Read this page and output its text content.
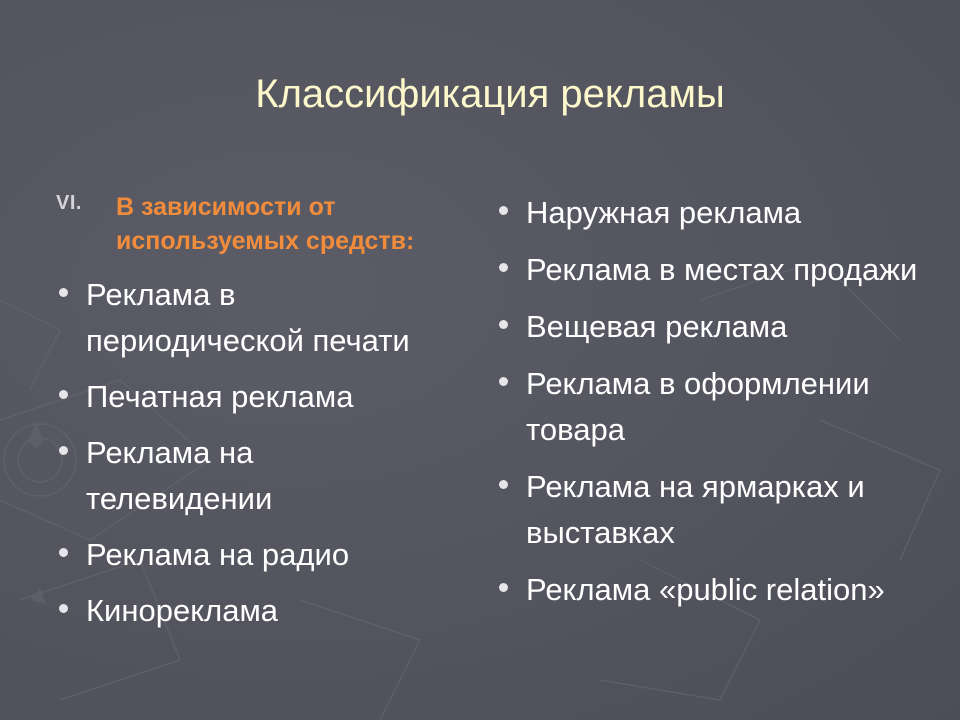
Классификация рекламы
VI. В зависимости от используемых средств:
Реклама в периодической печати
Печатная реклама
Реклама на телевидении
Реклама на радио
Кинореклама
Наружная реклама
Реклама в местах продажи
Вещевая реклама
Реклама в оформлении товара
Реклама на ярмарках и выставках
Реклама «public relation»
